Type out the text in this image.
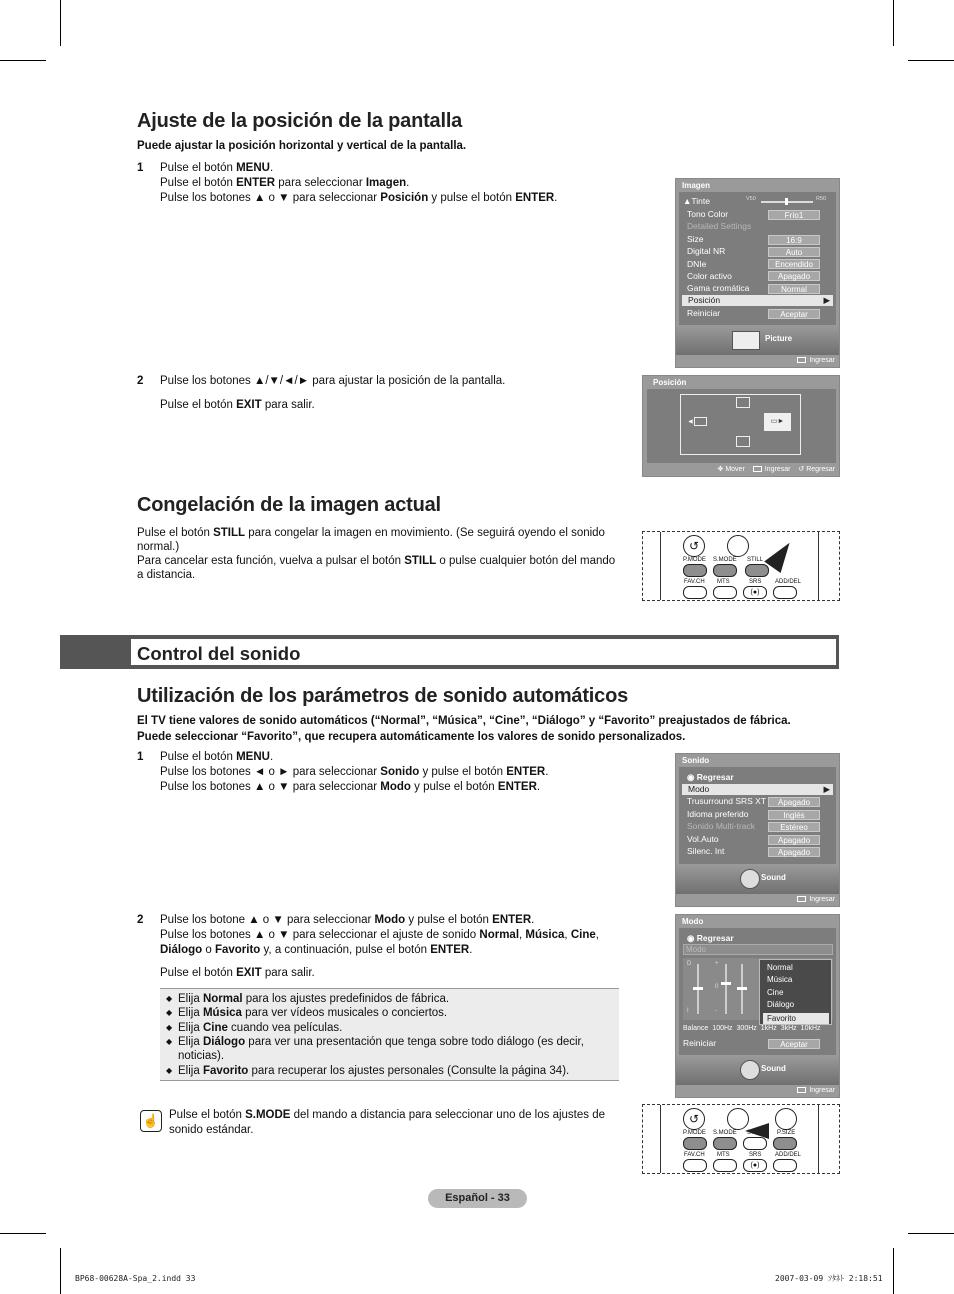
Ajuste de la posición de la pantalla
Puede ajustar la posición horizontal y vertical de la pantalla.
1 Pulse el botón MENU.
Pulse el botón ENTER para seleccionar Imagen.
Pulse los botones ▲ o ▼ para seleccionar Posición y pulse el botón ENTER.
Imagen
▲Tinte	V50	R50
Tono Color	Frío1
Detailed Settings
Size	16:9
Digital NR	Auto
DNIe	Encendido
Color activo	Apagado
Gama cromática	Normal
Posición	▶
Reiniciar	Aceptar
Picture
Ingresar
2 Pulse los botones ▲/▼/◄/► para ajustar la posición de la pantalla.
Pulse el botón EXIT para salir.
Posición
◄	▭►
✥ Mover	Ingresar ↺ Regresar
Congelación de la imagen actual
Pulse el botón STILL para congelar la imagen en movimiento. (Se seguirá oyendo el sonido
normal.)
Para cancelar esta función, vuelva a pulsar el botón STILL o pulse cualquier botón del mando
a distancia.
↺
P.MODE S.MODE STILL
FAV.CH MTS	SRS ADD/DEL
(●)
Control del sonido
Utilización de los parámetros de sonido automáticos
El TV tiene valores de sonido automáticos (“Normal”, “Música”, “Cine”, “Diálogo” y “Favorito” preajustados de fábrica.
Puede seleccionar “Favorito”, que recupera automáticamente los valores de sonido personalizados.
1 Pulse el botón MENU.
Pulse los botones ◄ o ► para seleccionar Sonido y pulse el botón ENTER.
Pulse los botones ▲ o ▼ para seleccionar Modo y pulse el botón ENTER.
Sonido
◉ Regresar
Modo	▶
Trusurround SRS XT	Apagado
Idioma preferido	Inglés
Sonido Multi-track	Estéreo
Vol.Auto	Apagado
Silenc. Int	Apagado
Sound
Ingresar
2 Pulse los botone ▲ o ▼ para seleccionar Modo y pulse el botón ENTER.
Pulse los botones ▲ o ▼ para seleccionar el ajuste de sonido Normal, Música, Cine,
Diálogo o Favorito y, a continuación, pulse el botón ENTER.
Pulse el botón EXIT para salir.
◆ Elija Normal para los ajustes predefinidos de fábrica.
◆ Elija Música para ver vídeos musicales o conciertos.
◆ Elija Cine cuando vea películas.
◆ Elija Diálogo para ver una presentación que tenga sobre todo diálogo (es decir, noticias).
◆ Elija Favorito para recuperar los ajustes personales (Consulte la página 34).
Modo
◉ Regresar
Modo
D	+
0
I	-
Normal
Música
Cine
Diálogo
Favorito
Balance 100Hz 300Hz 1kHz 3kHz 10kHz
Reiniciar	Aceptar
Sound
Ingresar
☝ Pulse el botón S.MODE del mando a distancia para seleccionar uno de los ajustes de
sonido estándar.
↺
P.MODE S.MODE STILL P.SIZE
FAV.CH MTS	SRS ADD/DEL
(●)
Español - 33
BP68-00628A-Spa_2.indd 33	2007-03-09 ｿﾀﾈﾄ 2:18:51
